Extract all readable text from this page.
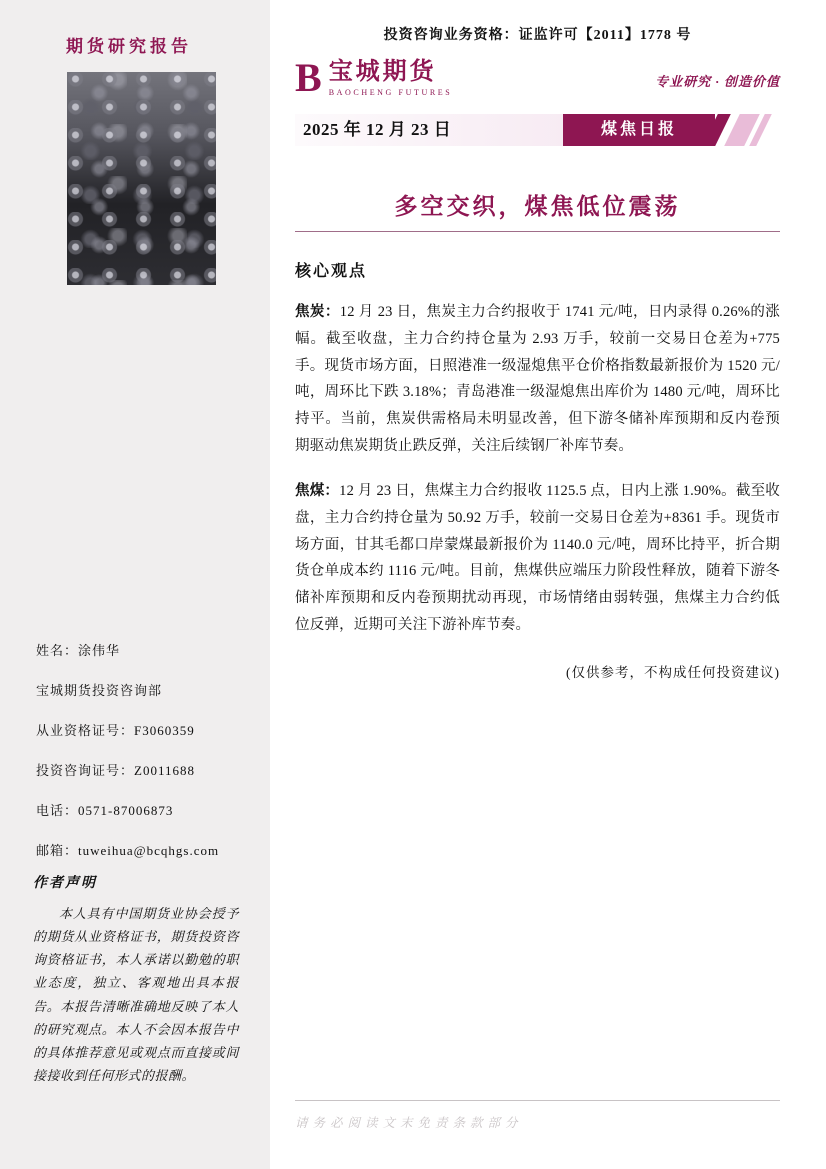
期货研究报告
姓名：涂伟华
宝城期货投资咨询部
从业资格证号：F3060359
投资咨询证号：Z0011688
电话：0571-87006873
邮箱：tuweihua@bcqhgs.com
作者声明
本人具有中国期货业协会授予的期货从业资格证书，期货投资咨询资格证书，本人承诺以勤勉的职业态度，独立、客观地出具本报告。本报告清晰准确地反映了本人的研究观点。本人不会因本报告中的具体推荐意见或观点而直接或间接接收到任何形式的报酬。
投资咨询业务资格：证监许可【2011】1778 号
B 宝城期货
BAOCHENG FUTURES
专业研究 · 创造价值
2025 年 12 月 23 日	煤焦日报
多空交织，煤焦低位震荡
核心观点

焦炭：12 月 23 日，焦炭主力合约报收于 1741 元/吨，日内录得 0.26%的涨幅。截至收盘，主力合约持仓量为 2.93 万手，较前一交易日仓差为+775 手。现货市场方面，日照港准一级湿熄焦平仓价格指数最新报价为 1520 元/吨，周环比下跌 3.18%；青岛港准一级湿熄焦出库价为 1480 元/吨，周环比持平。当前，焦炭供需格局未明显改善，但下游冬储补库预期和反内卷预期驱动焦炭期货止跌反弹，关注后续钢厂补库节奏。

焦煤：12 月 23 日，焦煤主力合约报收 1125.5 点，日内上涨 1.90%。截至收盘，主力合约持仓量为 50.92 万手，较前一交易日仓差为+8361 手。现货市场方面，甘其毛都口岸蒙煤最新报价为 1140.0 元/吨，周环比持平，折合期货仓单成本约 1116 元/吨。目前，焦煤供应端压力阶段性释放，随着下游冬储补库预期和反内卷预期扰动再现，市场情绪由弱转强，焦煤主力合约低位反弹，近期可关注下游补库节奏。

(仅供参考，不构成任何投资建议)
请务必阅读文末免责条款部分
